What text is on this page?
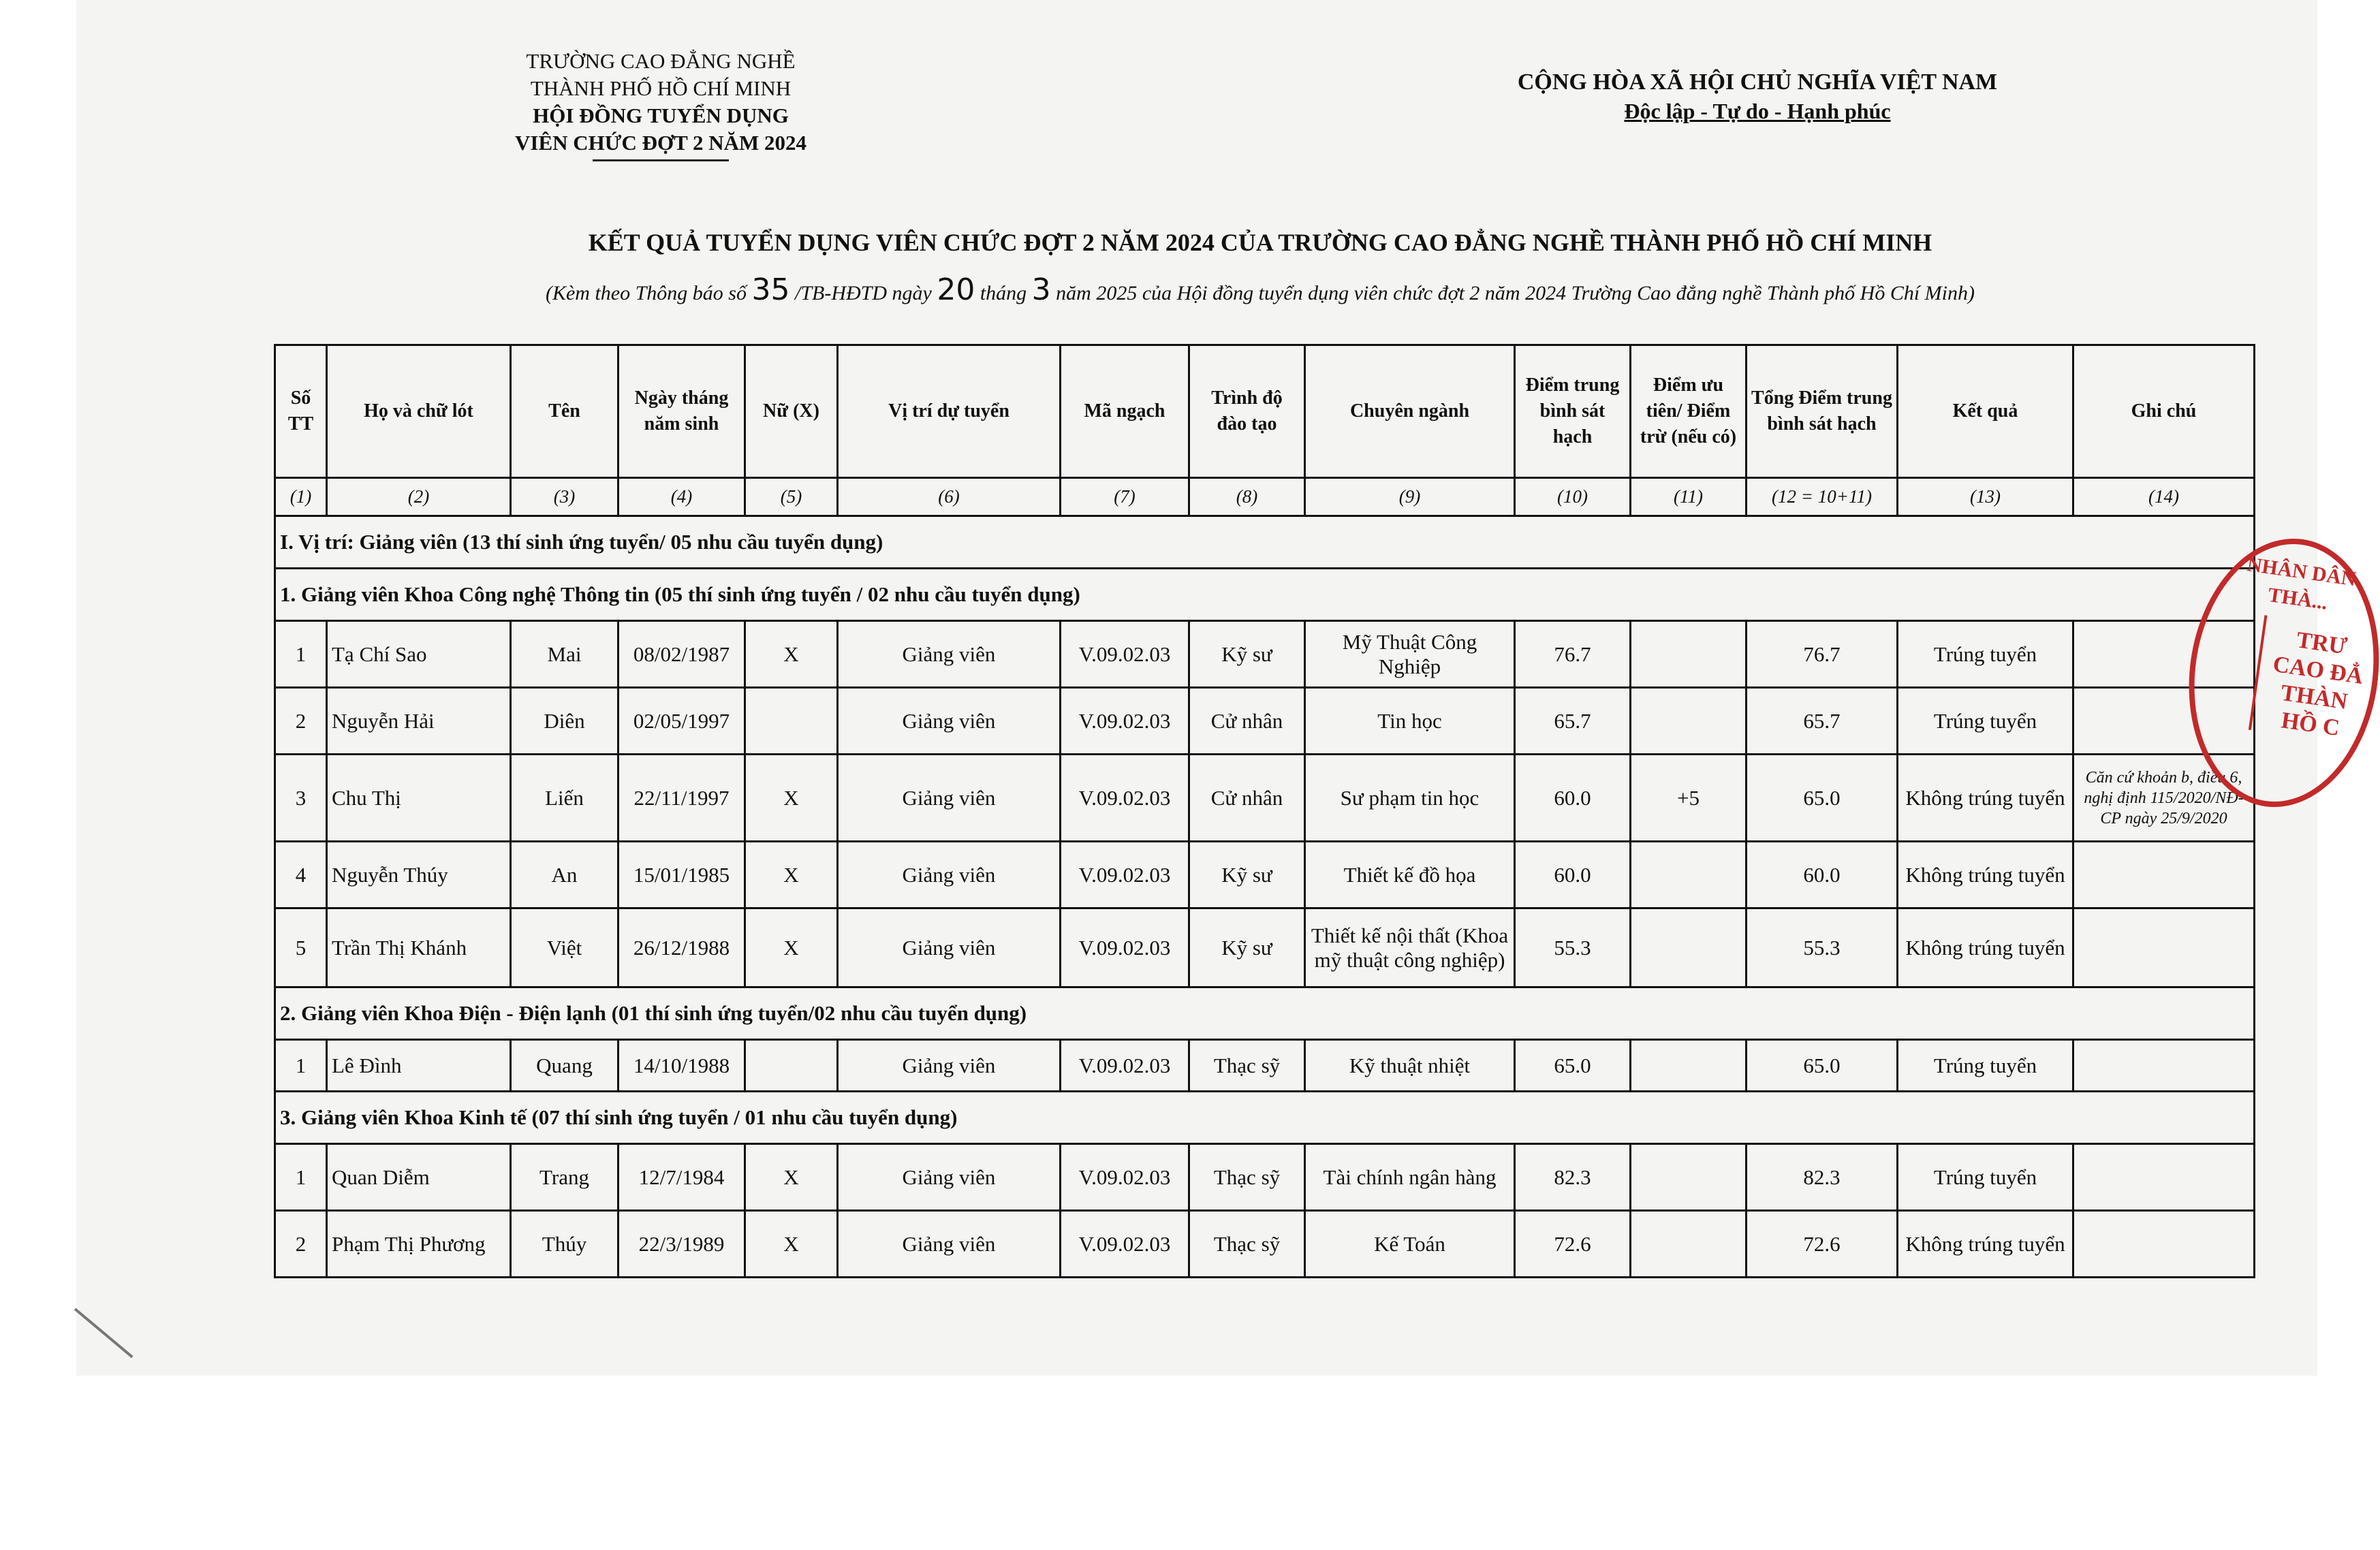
TRƯỜNG CAO ĐẲNG NGHỀ
THÀNH PHỐ HỒ CHÍ MINH
HỘI ĐỒNG TUYỂN DỤNG
VIÊN CHỨC ĐỢT 2 NĂM 2024
CỘNG HÒA XÃ HỘI CHỦ NGHĨA VIỆT NAM
Độc lập - Tự do - Hạnh phúc
KẾT QUẢ TUYỂN DỤNG VIÊN CHỨC ĐỢT 2 NĂM 2024 CỦA TRƯỜNG CAO ĐẲNG NGHỀ THÀNH PHỐ HỒ CHÍ MINH
(Kèm theo Thông báo số 35 /TB-HĐTD ngày 20 tháng 3 năm 2025 của Hội đồng tuyển dụng viên chức đợt 2 năm 2024 Trường Cao đẳng nghề Thành phố Hồ Chí Minh)
Số TT	Họ và chữ lót	Tên	Ngày tháng năm sinh	Nữ (X)	Vị trí dự tuyển	Mã ngạch	Trình độ đào tạo	Chuyên ngành	Điểm trung bình sát hạch	Điểm ưu tiên/ Điểm trừ (nếu có)	Tổng Điểm trung bình sát hạch	Kết quả	Ghi chú
(1)	(2)	(3)	(4)	(5)	(6)	(7)	(8)	(9)	(10)	(11)	(12 = 10+11)	(13)	(14)
I. Vị trí: Giảng viên (13 thí sinh ứng tuyển/ 05 nhu cầu tuyển dụng)													
1. Giảng viên Khoa Công nghệ Thông tin (05 thí sinh ứng tuyển / 02 nhu cầu tuyển dụng)													
1	Tạ Chí Sao	Mai	08/02/1987	X	Giảng viên	V.09.02.03	Kỹ sư	Mỹ Thuật Công Nghiệp	76.7		76.7	Trúng tuyển	
2	Nguyễn Hải	Diên	02/05/1997		Giảng viên	V.09.02.03	Cử nhân	Tin học	65.7		65.7	Trúng tuyển	
3	Chu Thị	Liến	22/11/1997	X	Giảng viên	V.09.02.03	Cử nhân	Sư phạm tin học	60.0	+5	65.0	Không trúng tuyển	Căn cứ khoản b, điều 6, nghị định 115/2020/NĐ-CP ngày 25/9/2020
4	Nguyễn Thúy	An	15/01/1985	X	Giảng viên	V.09.02.03	Kỹ sư	Thiết kế đồ họa	60.0		60.0	Không trúng tuyển	
5	Trần Thị Khánh	Việt	26/12/1988	X	Giảng viên	V.09.02.03	Kỹ sư	Thiết kế nội thất (Khoa mỹ thuật công nghiệp)	55.3		55.3	Không trúng tuyển	
2. Giảng viên Khoa Điện - Điện lạnh (01 thí sinh ứng tuyển/02 nhu cầu tuyển dụng)													
1	Lê Đình	Quang	14/10/1988		Giảng viên	V.09.02.03	Thạc sỹ	Kỹ thuật nhiệt	65.0		65.0	Trúng tuyển	
3. Giảng viên Khoa Kinh tế (07 thí sinh ứng tuyển / 01 nhu cầu tuyển dụng)													
1	Quan Diễm	Trang	12/7/1984	X	Giảng viên	V.09.02.03	Thạc sỹ	Tài chính ngân hàng	82.3		82.3	Trúng tuyển	
2	Phạm Thị Phương	Thúy	22/3/1989	X	Giảng viên	V.09.02.03	Thạc sỹ	Kế Toán	72.6		72.6	Không trúng tuyển	
NHÂN DÂN THÀ...
TRƯ
CAO ĐẲ
THÀN
HỒ C
